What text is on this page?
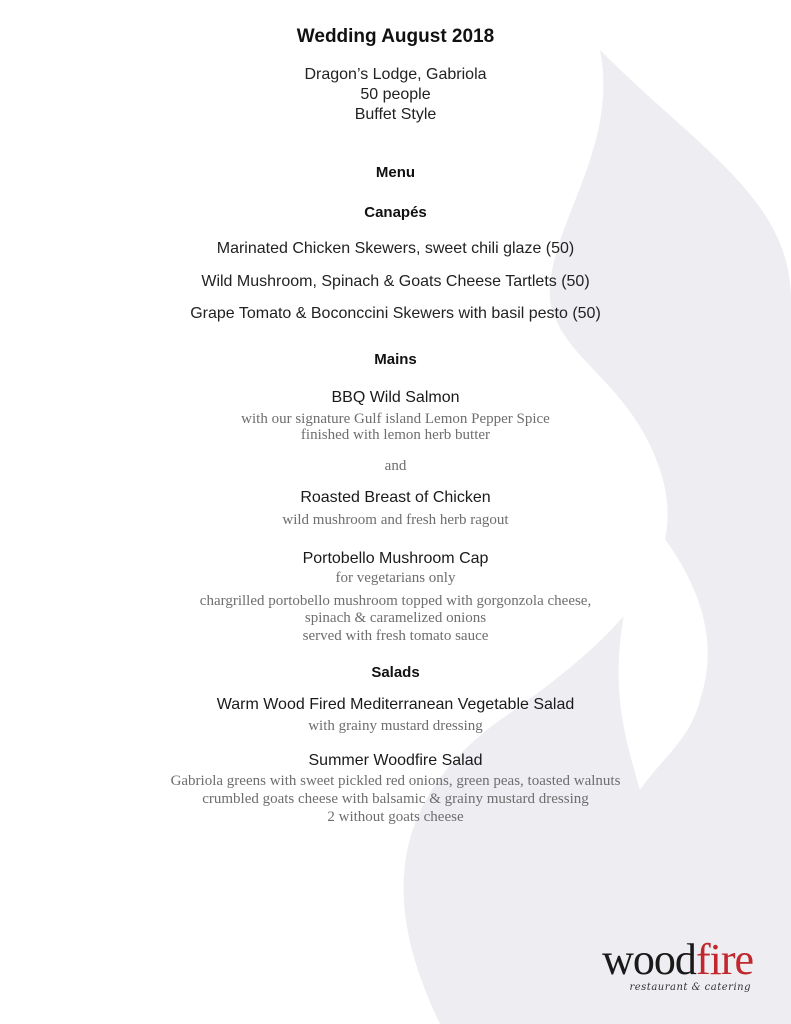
Wedding August 2018

Dragon’s Lodge, Gabriola

50 people

Buffet Style

Menu

Canapés

Marinated Chicken Skewers, sweet chili glaze (50)

Wild Mushroom, Spinach & Goats Cheese Tartlets (50)

Grape Tomato & Boconccini Skewers with basil pesto (50)

Mains

BBQ Wild Salmon

with our signature Gulf island Lemon Pepper Spice

finished with lemon herb butter

and

Roasted Breast of Chicken

wild mushroom and fresh herb ragout

Portobello Mushroom Cap

for vegetarians only

chargrilled portobello mushroom topped with gorgonzola cheese,

spinach & caramelized onions

served with fresh tomato sauce

Salads

Warm Wood Fired Mediterranean Vegetable Salad

with grainy mustard dressing

Summer Woodfire Salad

Gabriola greens with sweet pickled red onions, green peas, toasted walnuts

crumbled goats cheese with balsamic & grainy mustard dressing

2 without goats cheese

woodfire
restaurant & catering
